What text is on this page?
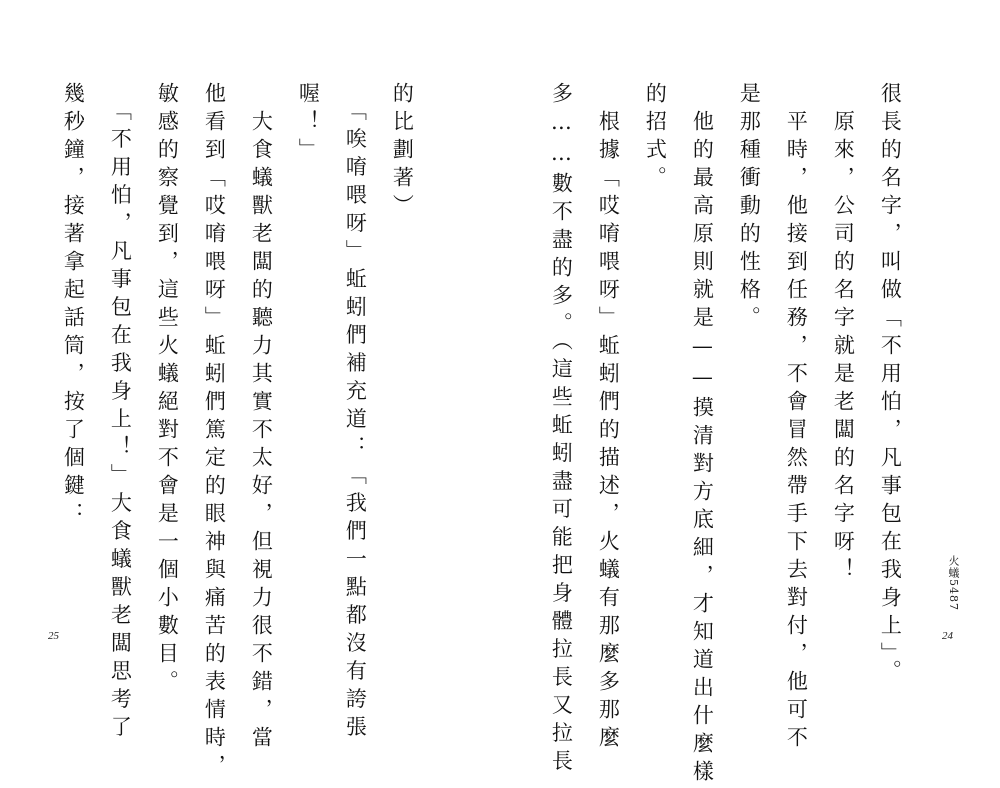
很長的名字，叫做「不用怕，凡事包在我身上」。
　原來，公司的名字就是老闆的名字呀！
　平時，他接到任務，不會冒然帶手下去對付，他可不
是那種衝動的性格。
　他的最高原則就是——摸清對方底細，才知道出什麼樣
的招式。
　根據「哎唷喂呀」蚯蚓們的描述，火蟻有那麼多那麼
多……數不盡的多。（這些蚯蚓盡可能把身體拉長又拉長
的比劃著）
　「唉唷喂呀」蚯蚓們補充道：「我們一點都沒有誇張
喔！」
　大食蟻獸老闆的聽力其實不太好，但視力很不錯，當
他看到「哎唷喂呀」蚯蚓們篤定的眼神與痛苦的表情時，
敏感的察覺到，這些火蟻絕對不會是一個小數目。
　「不用怕，凡事包在我身上！」大食蟻獸老闆思考了
幾秒鐘，接著拿起話筒，按了個鍵：
火蟻5487
25	24
